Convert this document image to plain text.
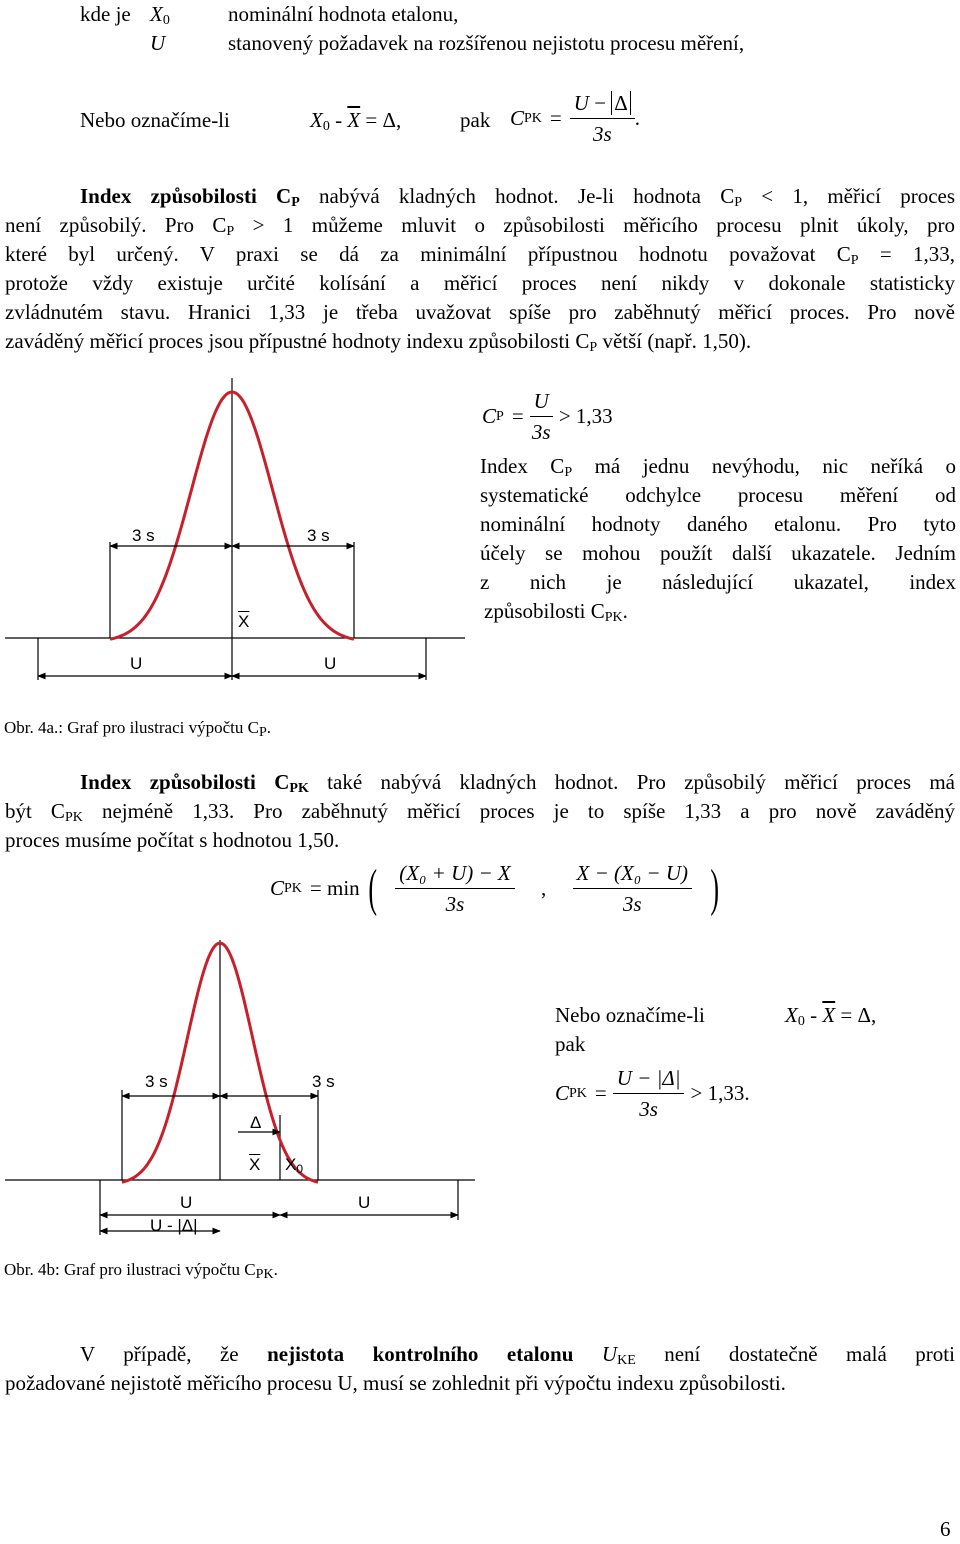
kde je $X_0$	nominální hodnota etalonu,
U	stanovený požadavek na rozšířenou nejistotu procesu měření,
Nebo označíme-li	$X_0 - \overline{X} = \Delta$,	pak C PK = $\frac{U - \Delta}{3s}$ .
Index způsobilosti $C_P$ nabývá kladných hodnot. Je-li hodnota $C_P < 1$, měřicí proces
není způsobilý. Pro $C_P > 1$ můžeme mluvit o způsobilosti měřicího procesu plnit úkoly, pro
které byl určený. V praxi se dá za minimální přípustnou hodnotu považovat $C_P = 1,33$,
protože vždy existuje určité kolísání a měřicí proces není nikdy v dokonale statisticky
zvládnutém stavu. Hranici 1,33 je třeba uvažovat spíše pro zaběhnutý měřicí proces. Pro nově
zaváděný měřicí proces jsou přípustné hodnoty indexu způsobilosti $C_P$ větší (např. 1,50).
3 s	3 s
$\overline{X}$
U	U
Obr. 4a.: Graf pro ilustraci výpočtu $C_P$.
C $P = \frac{U}{3s} > 1,33$
Index $C_P$ má jednu nevýhodu, nic neříká o
systematické odchylce procesu měření od
nominální hodnoty daného etalonu. Pro tyto
účely se mohou použít další ukazatele. Jedním
z nich je následující ukazatel, index
způsobilosti $C_{PK}$.
Index způsobilosti $C_{PK}$ také nabývá kladných hodnot. Pro způsobilý měřicí proces má
být $C_{PK}$ nejméně 1,33. Pro zaběhnutý měřicí proces je to spíše 1,33 a pro nově zaváděný
proces musíme počítat s hodnotou 1,50.
C PK = min ( $\frac{\text{(X₀ + U) − X}}{3s}$ , $\frac{\text{X − (X₀ − U)}}{3s}$ )
3 s	3 s
Δ
$\overline{X}$ $X_0$
U	U
U - |Δ|
Obr. 4b: Graf pro ilustraci výpočtu $C_{PK}$.
Nebo označíme-li	$X_0 - \overline{X} = \Delta$,
pak
C PK = $\frac{U - |\Delta|}{3s} > 1,33$.
V případě, že nejistota kontrolního etalonu $U_{KE}$ není dostatečně malá proti
požadované nejistotě měřicího procesu U, musí se zohlednit při výpočtu indexu způsobilosti.
6
